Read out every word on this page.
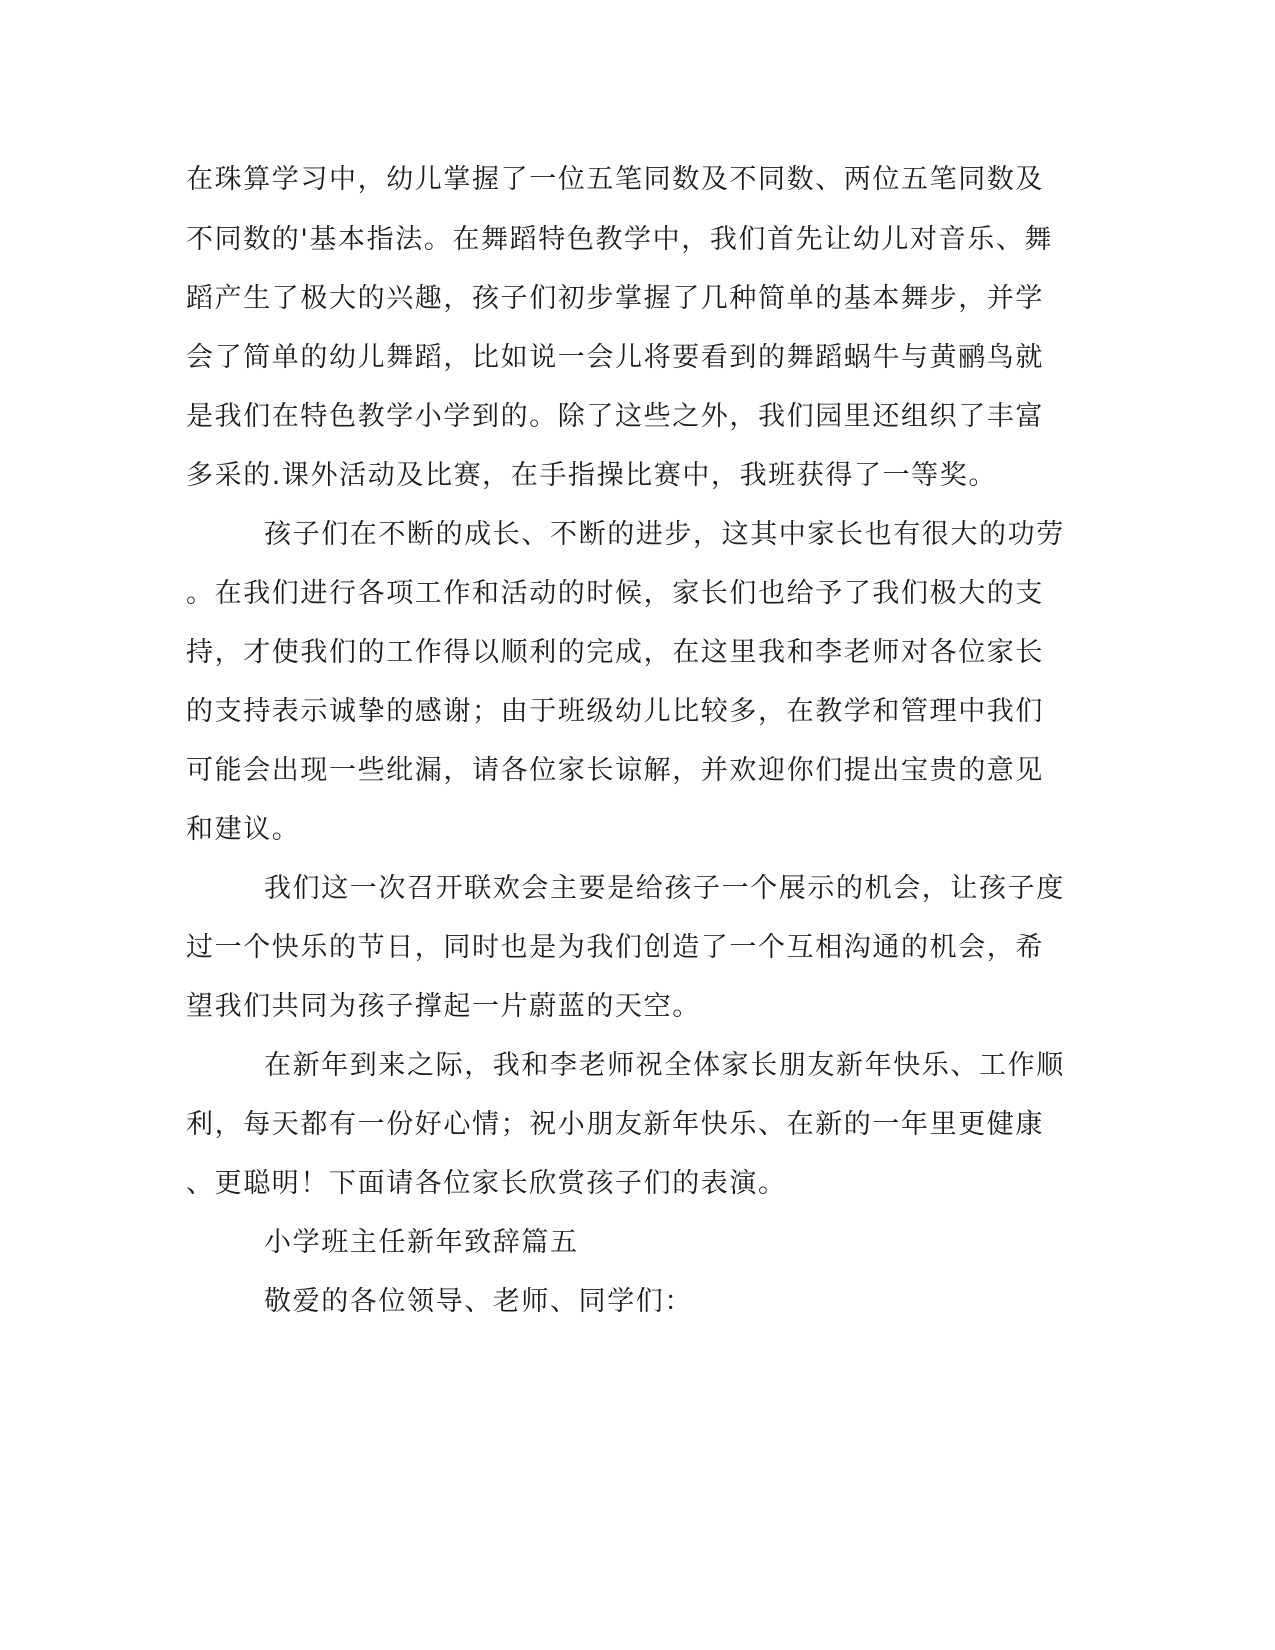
在珠算学习中，幼儿掌握了一位五笔同数及不同数、两位五笔同数及
不同数的'基本指法。在舞蹈特色教学中，我们首先让幼儿对音乐、舞
蹈产生了极大的兴趣，孩子们初步掌握了几种简单的基本舞步，并学
会了简单的幼儿舞蹈，比如说一会儿将要看到的舞蹈蜗牛与黄鹂鸟就
是我们在特色教学小学到的。除了这些之外，我们园里还组织了丰富
多采的.课外活动及比赛，在手指操比赛中，我班获得了一等奖。
孩子们在不断的成长、不断的进步，这其中家长也有很大的功劳
。在我们进行各项工作和活动的时候，家长们也给予了我们极大的支
持，才使我们的工作得以顺利的完成，在这里我和李老师对各位家长
的支持表示诚挚的感谢；由于班级幼儿比较多，在教学和管理中我们
可能会出现一些纰漏，请各位家长谅解，并欢迎你们提出宝贵的意见
和建议。
我们这一次召开联欢会主要是给孩子一个展示的机会，让孩子度
过一个快乐的节日，同时也是为我们创造了一个互相沟通的机会，希
望我们共同为孩子撑起一片蔚蓝的天空。
在新年到来之际，我和李老师祝全体家长朋友新年快乐、工作顺
利，每天都有一份好心情；祝小朋友新年快乐、在新的一年里更健康
、更聪明！下面请各位家长欣赏孩子们的表演。
小学班主任新年致辞篇五
敬爱的各位领导、老师、同学们：
